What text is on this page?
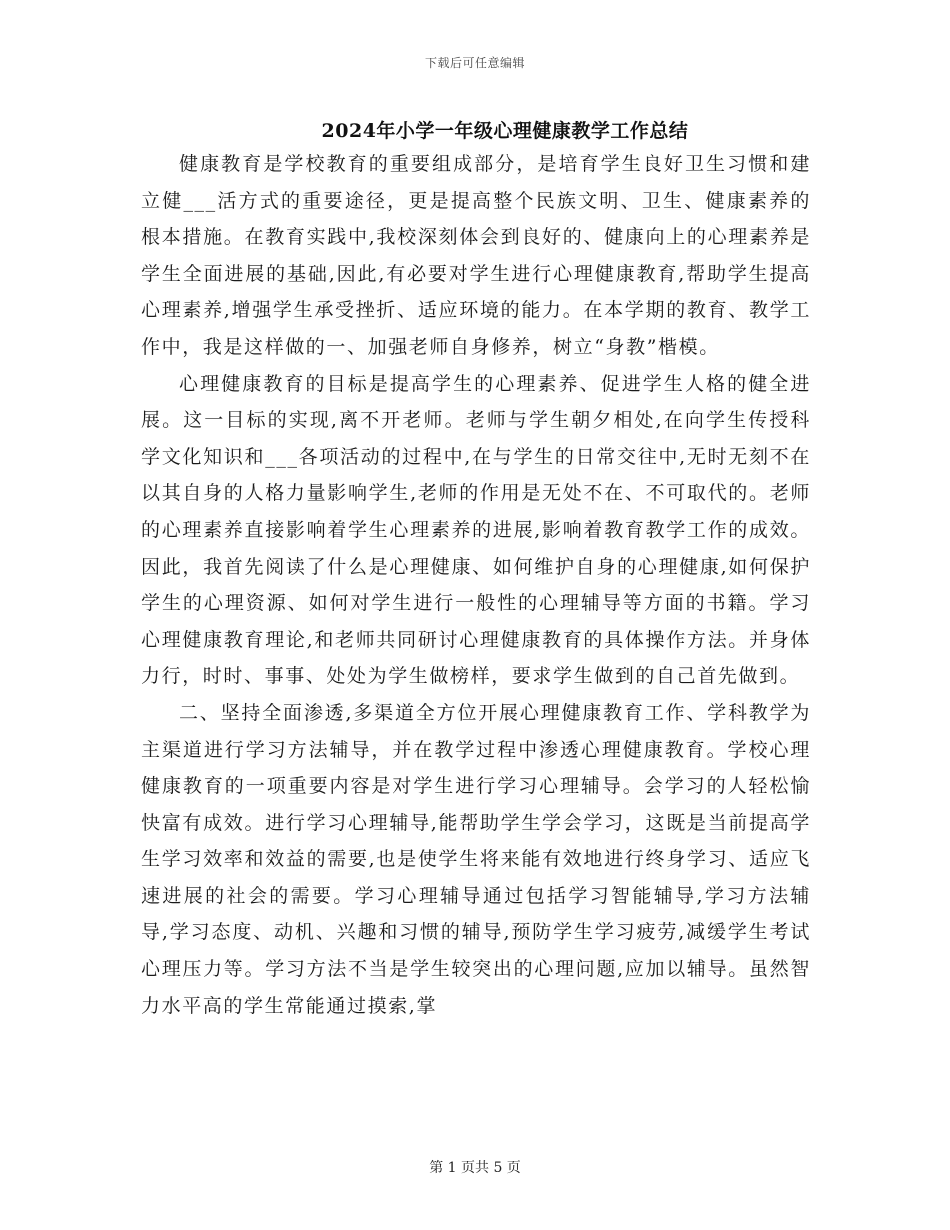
下载后可任意编辑
2024年小学一年级心理健康教学工作总结

健康教育是学校教育的重要组成部分，是培育学生良好卫生习惯和建立健___活方式的重要途径，更是提高整个民族文明、卫生、健康素养的根本措施。在教育实践中,我校深刻体会到良好的、健康向上的心理素养是学生全面进展的基础,因此,有必要对学生进行心理健康教育,帮助学生提高心理素养,增强学生承受挫折、适应环境的能力。在本学期的教育、教学工作中，我是这样做的一、加强老师自身修养，树立“身教”楷模。

心理健康教育的目标是提高学生的心理素养、促进学生人格的健全进展。这一目标的实现,离不开老师。老师与学生朝夕相处,在向学生传授科学文化知识和___各项活动的过程中,在与学生的日常交往中,无时无刻不在以其自身的人格力量影响学生,老师的作用是无处不在、不可取代的。老师的心理素养直接影响着学生心理素养的进展,影响着教育教学工作的成效。因此，我首先阅读了什么是心理健康、如何维护自身的心理健康,如何保护学生的心理资源、如何对学生进行一般性的心理辅导等方面的书籍。学习心理健康教育理论,和老师共同研讨心理健康教育的具体操作方法。并身体力行，时时、事事、处处为学生做榜样，要求学生做到的自己首先做到。

二、坚持全面渗透,多渠道全方位开展心理健康教育工作、学科教学为主渠道进行学习方法辅导，并在教学过程中渗透心理健康教育。学校心理健康教育的一项重要内容是对学生进行学习心理辅导。会学习的人轻松愉快富有成效。进行学习心理辅导,能帮助学生学会学习，这既是当前提高学生学习效率和效益的需要,也是使学生将来能有效地进行终身学习、适应飞速进展的社会的需要。学习心理辅导通过包括学习智能辅导,学习方法辅导,学习态度、动机、兴趣和习惯的辅导,预防学生学习疲劳,减缓学生考试心理压力等。学习方法不当是学生较突出的心理问题,应加以辅导。虽然智力水平高的学生常能通过摸索,掌

第 1 页共 5 页
